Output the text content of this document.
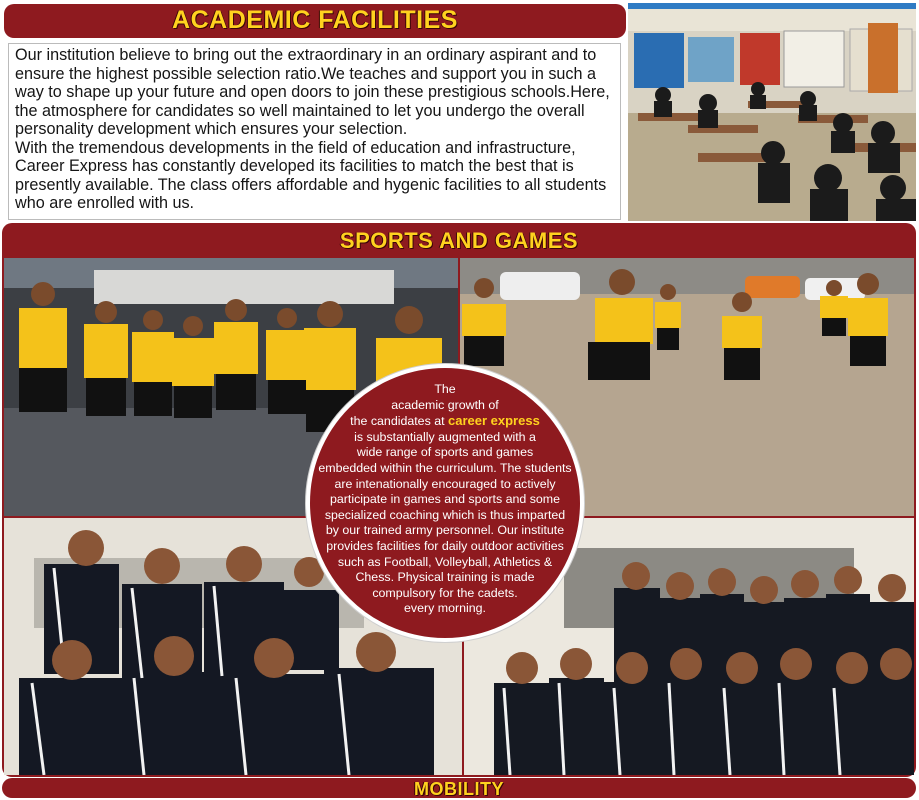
ACADEMIC FACILITIES

Our institution believe to bring out the extraordinary in an ordinary aspirant and to

ensure the highest possible selection ratio.We teaches and support you in such a

way to shape up your future and open doors to join these prestigious schools.Here,

the atmosphere for candidates so well maintained to let you undergo the overall

personality development which ensures your selection.

With the tremendous developments in the field of education and infrastructure,

Career Express has constantly developed its facilities to match the best that is

presently available. The class offers affordable and hygenic facilities to all students

who are enrolled with us.

SPORTS AND GAMES
The
academic growth of
the candidates at career express
is substantially augmented with a
wide range of sports and games
embedded within the curriculum. The students
are intenationally encouraged to actively
participate in games and sports and some
specialized coaching which is thus imparted
by our trained army personnel. Our institute
provides facilities for daily outdoor activities
such as Football, Volleyball, Athletics &
Chess. Physical training is made
compulsory for the cadets.
every morning.
MOBILITY
